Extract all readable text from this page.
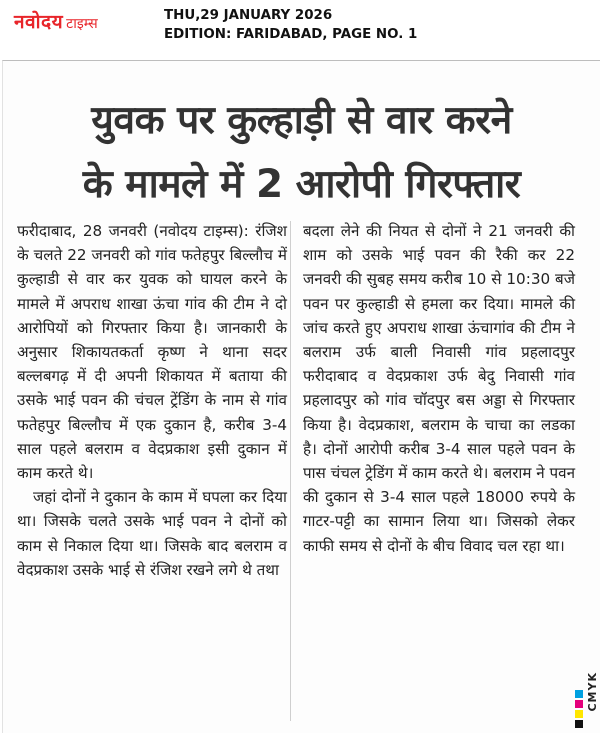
नवोदय टाइम्स
THU,29 JANUARY 2026
EDITION: FARIDABAD, PAGE NO. 1
युवक पर कुल्हाड़ी से वार करने
के मामले में 2 आरोपी गिरफ्तार

फरीदाबाद, 28 जनवरी (नवोदय टाइम्स): रंजिश के चलते 22 जनवरी को गांव फतेहपुर बिल्लौच में कुल्हाडी से वार कर युवक को घायल करने के मामले में अपराध शाखा ऊंचा गांव की टीम ने दो आरोपियों को गिरफ्तार किया है। जानकारी के अनुसार शिकायतकर्ता कृष्ण ने थाना सदर बल्लबगढ़ में दी अपनी शिकायत में बताया की उसके भाई पवन की चंचल ट्रेंडिंग के नाम से गांव फतेहपुर बिल्लौच में एक दुकान है, करीब 3-4 साल पहले बलराम व वेदप्रकाश इसी दुकान में काम करते थे।

जहां दोनों ने दुकान के काम में घपला कर दिया था। जिसके चलते उसके भाई पवन ने दोनों को काम से निकाल दिया था। जिसके बाद बलराम व वेदप्रकाश उसके भाई से रंजिश रखने लगे थे तथा

बदला लेने की नियत से दोनों ने 21 जनवरी की शाम को उसके भाई पवन की रैकी कर 22 जनवरी की सुबह समय करीब 10 से 10:30 बजे पवन पर कुल्हाडी से हमला कर दिया। मामले की जांच करते हुए अपराध शाखा ऊंचागांव की टीम ने बलराम उर्फ बाली निवासी गांव प्रहलादपुर फरीदाबाद व वेदप्रकाश उर्फ बेदु निवासी गांव प्रहलादपुर को गांव चॉदपुर बस अड्डा से गिरफ्तार किया है। वेदप्रकाश, बलराम के चाचा का लडका है। दोनों आरोपी करीब 3-4 साल पहले पवन के पास चंचल ट्रेडिंग में काम करते थे। बलराम ने पवन की दुकान से 3-4 साल पहले 18000 रुपये के गाटर-पट्टी का सामान लिया था। जिसको लेकर काफी समय से दोनों के बीच विवाद चल रहा था।

CMYK
